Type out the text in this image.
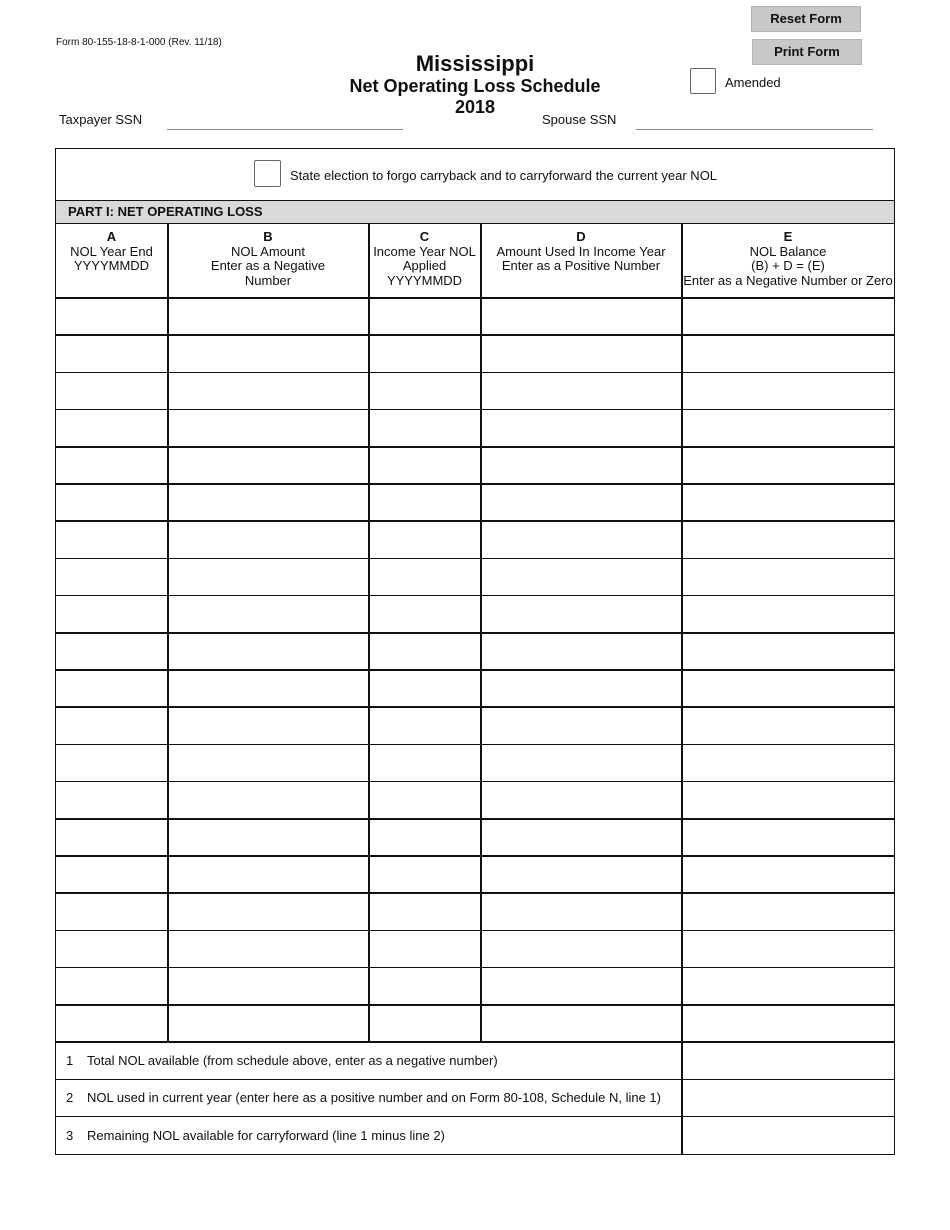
Reset Form
Print Form
Form 80-155-18-8-1-000 (Rev. 11/18)
Mississippi
Net Operating Loss Schedule
2018
Amended
Taxpayer SSN	Spouse SSN
State election to forgo carryback and to carryforward the current year NOL
PART I: NET OPERATING LOSS
A
NOL Year End
YYYYMMDD
B
NOL Amount
Enter as a Negative
Number
C
Income Year NOL
Applied
YYYYMMDD
D
Amount Used In Income Year
Enter as a Positive Number
E
NOL Balance
(B) + D = (E)
Enter as a Negative Number or Zero
1 Total NOL available (from schedule above, enter as a negative number)
2 NOL used in current year (enter here as a positive number and on Form 80-108, Schedule N, line 1)
3 Remaining NOL available for carryforward (line 1 minus line 2)
